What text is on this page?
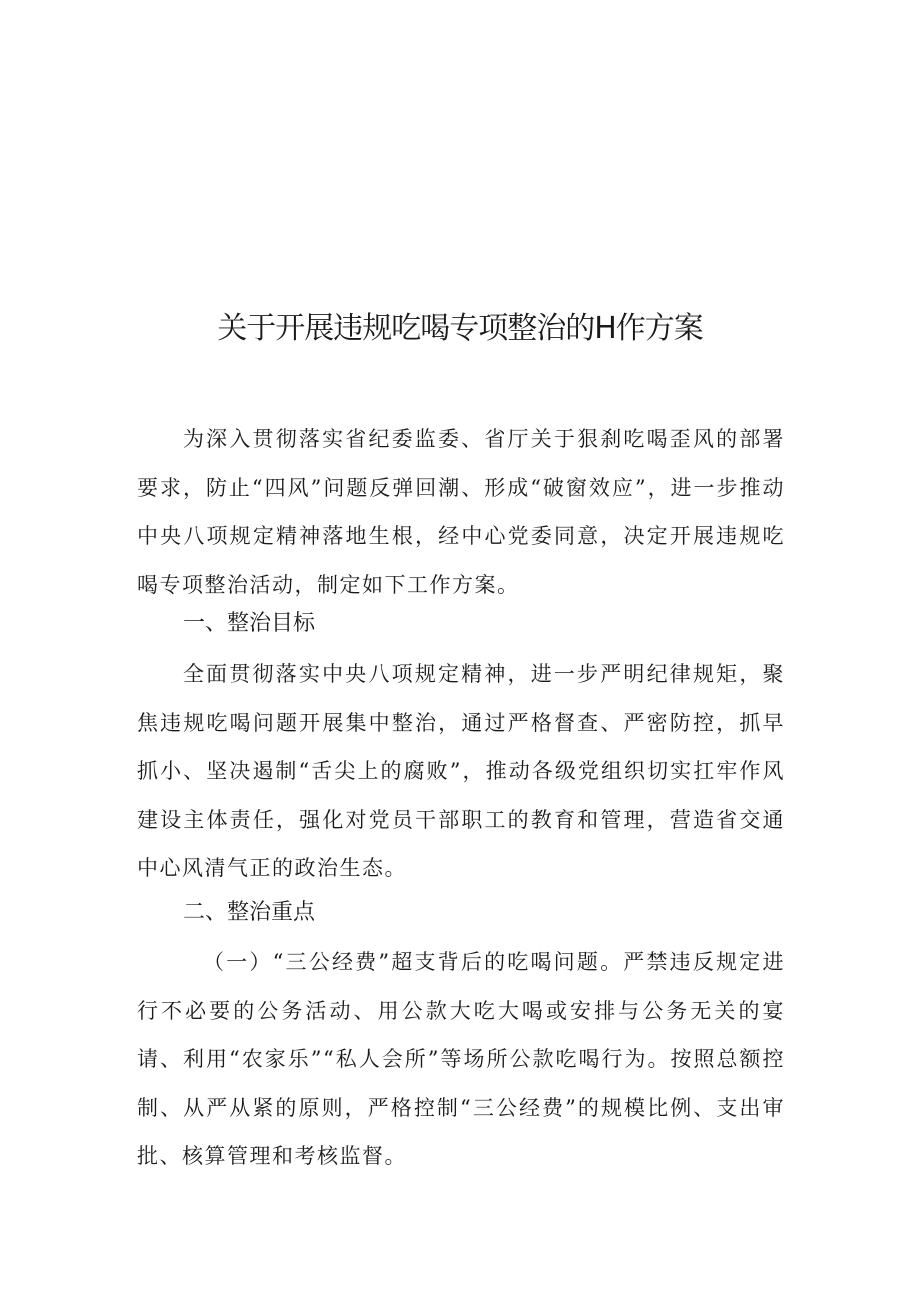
关于开展违规吃喝专项整治的H作方案

为深入贯彻落实省纪委监委、省厅关于狠刹吃喝歪风的部署要求，防止“四风”问题反弹回潮、形成“破窗效应”，进一步推动中央八项规定精神落地生根，经中心党委同意，决定开展违规吃喝专项整治活动，制定如下工作方案。

一、整治目标

全面贯彻落实中央八项规定精神，进一步严明纪律规矩，聚焦违规吃喝问题开展集中整治，通过严格督查、严密防控，抓早抓小、坚决遏制“舌尖上的腐败”，推动各级党组织切实扛牢作风建设主体责任，强化对党员干部职工的教育和管理，营造省交通中心风清气正的政治生态。

二、整治重点

（一）“三公经费”超支背后的吃喝问题。严禁违反规定进行不必要的公务活动、用公款大吃大喝或安排与公务无关的宴请、利用“农家乐”“私人会所”等场所公款吃喝行为。按照总额控制、从严从紧的原则，严格控制“三公经费”的规模比例、支出审批、核算管理和考核监督。
